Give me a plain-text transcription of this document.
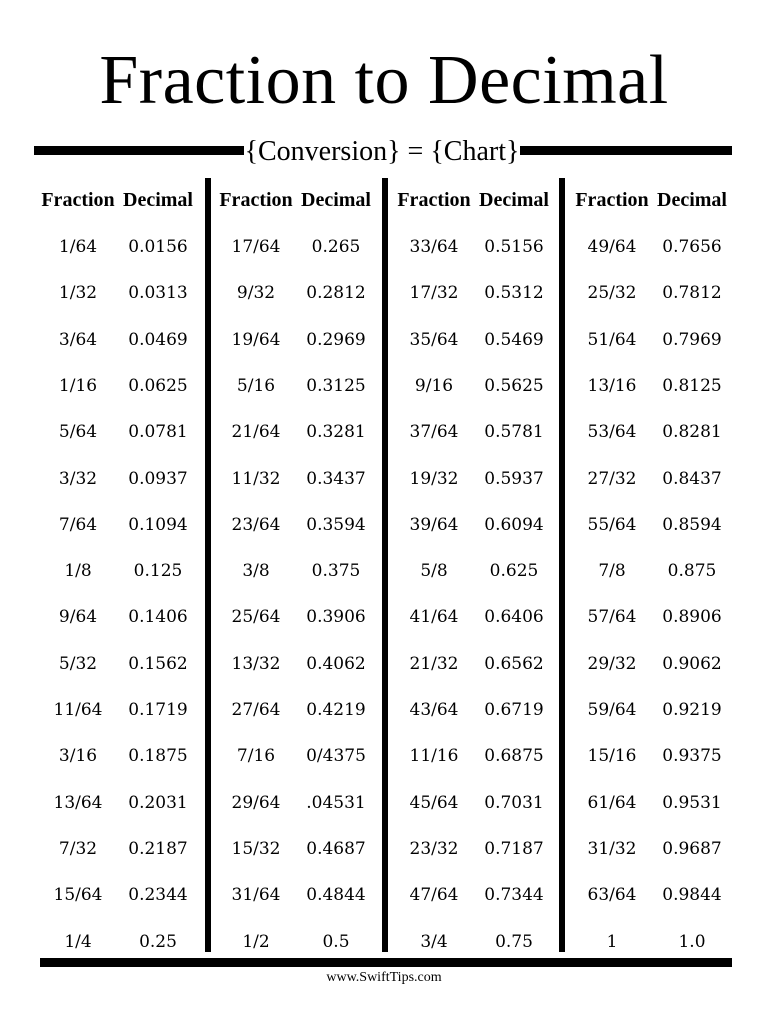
Fraction to Decimal
{Conversion} = {Chart}
Fraction Decimal
1/64	0.0156
1/32	0.0313
3/64	0.0469
1/16	0.0625
5/64	0.0781
3/32	0.0937
7/64	0.1094
1/8	0.125
9/64	0.1406
5/32	0.1562
11/64	0.1719
3/16	0.1875
13/64	0.2031
7/32	0.2187
15/64	0.2344
1/4	0.25
Fraction Decimal
17/64	0.265
9/32	0.2812
19/64	0.2969
5/16	0.3125
21/64	0.3281
11/32	0.3437
23/64	0.3594
3/8	0.375
25/64	0.3906
13/32	0.4062
27/64	0.4219
7/16	0/4375
29/64	.04531
15/32	0.4687
31/64	0.4844
1/2	0.5
Fraction Decimal
33/64	0.5156
17/32	0.5312
35/64	0.5469
9/16	0.5625
37/64	0.5781
19/32	0.5937
39/64	0.6094
5/8	0.625
41/64	0.6406
21/32	0.6562
43/64	0.6719
11/16	0.6875
45/64	0.7031
23/32	0.7187
47/64	0.7344
3/4	0.75
Fraction Decimal
49/64	0.7656
25/32	0.7812
51/64	0.7969
13/16	0.8125
53/64	0.8281
27/32	0.8437
55/64	0.8594
7/8	0.875
57/64	0.8906
29/32	0.9062
59/64	0.9219
15/16	0.9375
61/64	0.9531
31/32	0.9687
63/64	0.9844
1	1.0
www.SwiftTips.com
